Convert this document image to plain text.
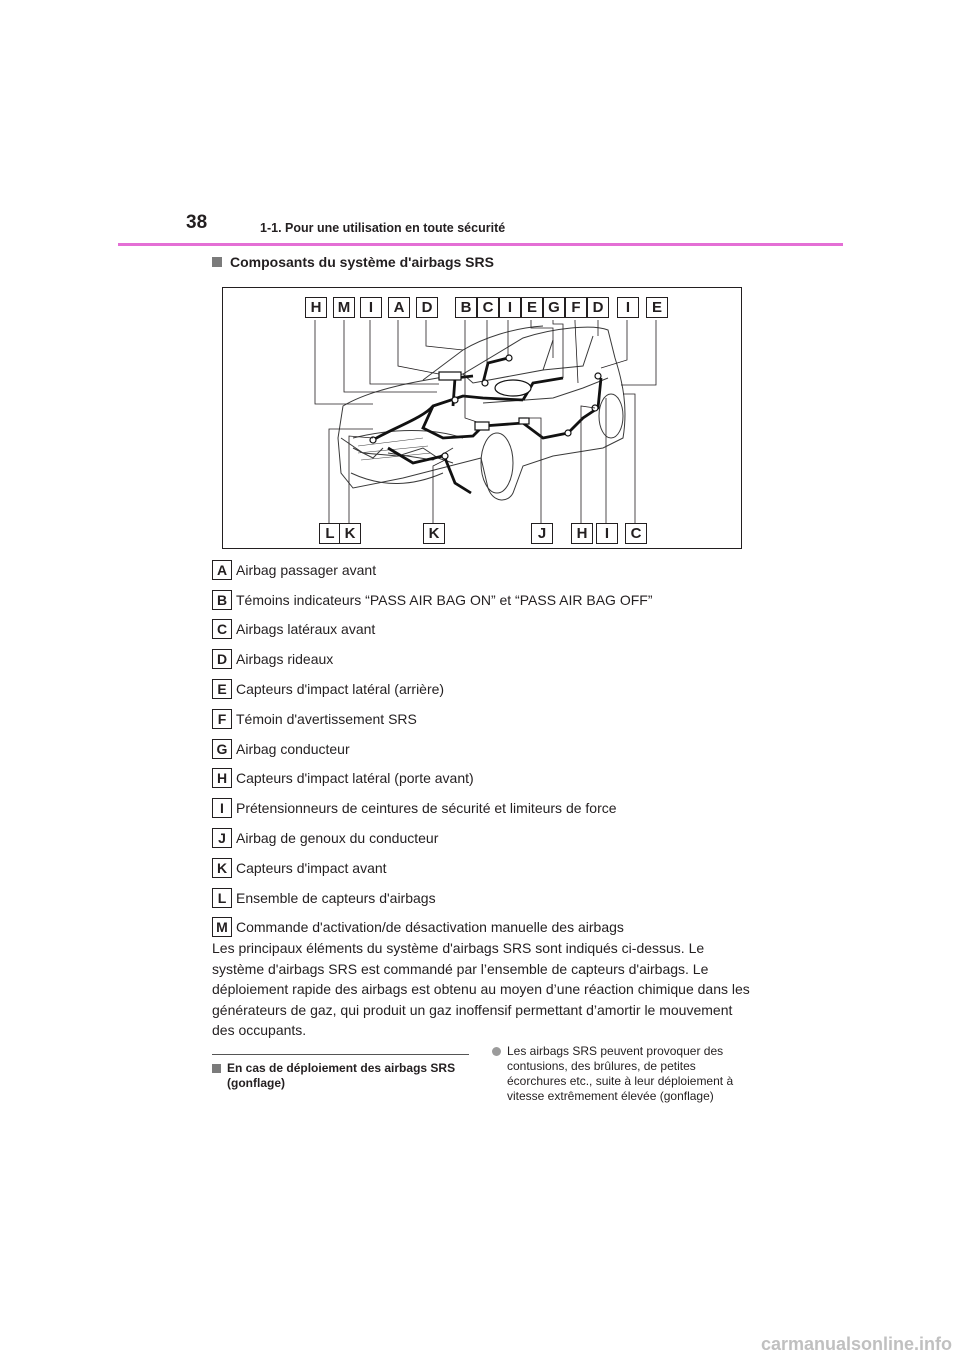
38	1-1. Pour une utilisation en toute sécurité
Composants du système d'airbags SRS
H	M	I	A	D	B C I E G F D	I	E
L K	K	J	H	I	C
A Airbag passager avant
B Témoins indicateurs “PASS AIR BAG ON” et “PASS AIR BAG OFF”
C Airbags latéraux avant
D Airbags rideaux
E Capteurs d'impact latéral (arrière)
F Témoin d'avertissement SRS
G Airbag conducteur
H Capteurs d'impact latéral (porte avant)
I Prétensionneurs de ceintures de sécurité et limiteurs de force
J Airbag de genoux du conducteur
K Capteurs d'impact avant
L Ensemble de capteurs d'airbags
M Commande d'activation/de désactivation manuelle des airbags
Les principaux éléments du système d'airbags SRS sont indiqués ci-dessus. Le système d'airbags SRS est commandé par l’ensemble de capteurs d'airbags. Le déploiement rapide des airbags est obtenu au moyen d’une réaction chimique dans les générateurs de gaz, qui produit un gaz inoffensif permettant d’amortir le mouvement des occupants.
En cas de déploiement des airbags SRS (gonflage)
Les airbags SRS peuvent provoquer des contusions, des brûlures, de petites écorchures etc., suite à leur déploiement à vitesse extrêmement élevée (gonflage)
carmanualsonline.info
